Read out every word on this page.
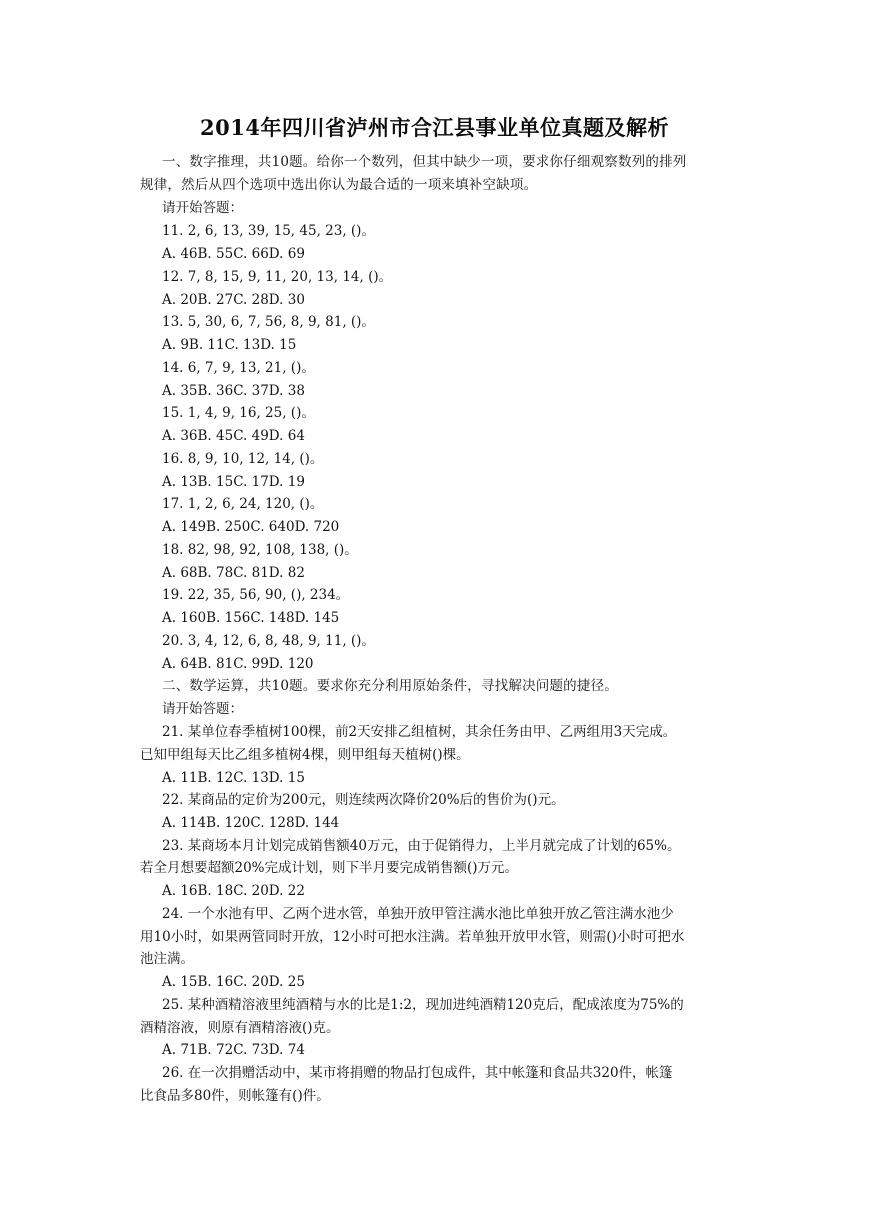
2014年四川省泸州市合江县事业单位真题及解析
一、数字推理，共10题。给你一个数列，但其中缺少一项，要求你仔细观察数列的排列
规律，然后从四个选项中选出你认为最合适的一项来填补空缺项。
请开始答题：
11. 2, 6, 13, 39, 15, 45, 23, ()。
A. 46B. 55C. 66D. 69
12. 7, 8, 15, 9, 11, 20, 13, 14, ()。
A. 20B. 27C. 28D. 30
13. 5, 30, 6, 7, 56, 8, 9, 81, ()。
A. 9B. 11C. 13D. 15
14. 6, 7, 9, 13, 21, ()。
A. 35B. 36C. 37D. 38
15. 1, 4, 9, 16, 25, ()。
A. 36B. 45C. 49D. 64
16. 8, 9, 10, 12, 14, ()。
A. 13B. 15C. 17D. 19
17. 1, 2, 6, 24, 120, ()。
A. 149B. 250C. 640D. 720
18. 82, 98, 92, 108, 138, ()。
A. 68B. 78C. 81D. 82
19. 22, 35, 56, 90, (), 234。
A. 160B. 156C. 148D. 145
20. 3, 4, 12, 6, 8, 48, 9, 11, ()。
A. 64B. 81C. 99D. 120
二、数学运算，共10题。要求你充分利用原始条件，寻找解决问题的捷径。
请开始答题：
21. 某单位春季植树100棵，前2天安排乙组植树，其余任务由甲、乙两组用3天完成。
已知甲组每天比乙组多植树4棵，则甲组每天植树()棵。
A. 11B. 12C. 13D. 15
22. 某商品的定价为200元，则连续两次降价20%后的售价为()元。
A. 114B. 120C. 128D. 144
23. 某商场本月计划完成销售额40万元，由于促销得力，上半月就完成了计划的65%。
若全月想要超额20%完成计划，则下半月要完成销售额()万元。
A. 16B. 18C. 20D. 22
24. 一个水池有甲、乙两个进水管，单独开放甲管注满水池比单独开放乙管注满水池少
用10小时，如果两管同时开放，12小时可把水注满。若单独开放甲水管，则需()小时可把水
池注满。
A. 15B. 16C. 20D. 25
25. 某种酒精溶液里纯酒精与水的比是1:2，现加进纯酒精120克后，配成浓度为75%的
酒精溶液，则原有酒精溶液()克。
A. 71B. 72C. 73D. 74
26. 在一次捐赠活动中，某市将捐赠的物品打包成件，其中帐篷和食品共320件，帐篷
比食品多80件，则帐篷有()件。
